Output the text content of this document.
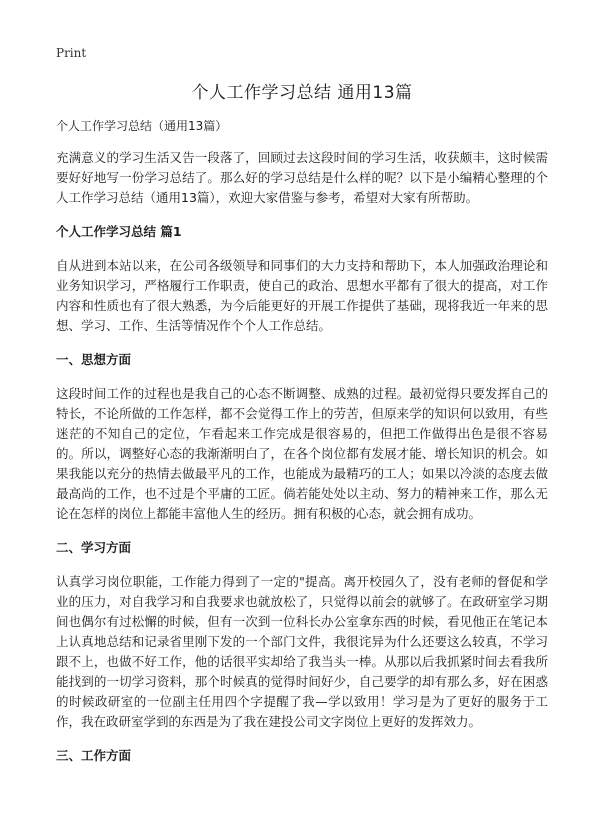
Print
个人工作学习总结 通用13篇
个人工作学习总结（通用13篇）

充满意义的学习生活又告一段落了，回顾过去这段时间的学习生活，收获颇丰，这时候需要好好地写一份学习总结了。那么好的学习总结是什么样的呢？以下是小编精心整理的个人工作学习总结（通用13篇），欢迎大家借鉴与参考，希望对大家有所帮助。

个人工作学习总结 篇1

自从进到本站以来，在公司各级领导和同事们的大力支持和帮助下，本人加强政治理论和业务知识学习，严格履行工作职责，使自己的政治、思想水平都有了很大的提高，对工作内容和性质也有了很大熟悉，为今后能更好的开展工作提供了基础，现将我近一年来的思想、学习、工作、生活等情况作个个人工作总结。

一、思想方面

这段时间工作的过程也是我自己的心态不断调整、成熟的过程。最初觉得只要发挥自己的特长，不论所做的工作怎样，都不会觉得工作上的劳苦，但原来学的知识何以致用，有些迷茫的不知自己的定位，乍看起来工作完成是很容易的，但把工作做得出色是很不容易的。所以，调整好心态的我渐渐明白了，在各个岗位都有发展才能、增长知识的机会。如果我能以充分的热情去做最平凡的工作，也能成为最精巧的工人；如果以冷淡的态度去做最高尚的工作，也不过是个平庸的工匠。倘若能处处以主动、努力的精神来工作，那么无论在怎样的岗位上都能丰富他人生的经历。拥有积极的心态，就会拥有成功。

二、学习方面

认真学习岗位职能，工作能力得到了一定的"提高。离开校园久了，没有老师的督促和学业的压力，对自我学习和自我要求也就放松了，只觉得以前会的就够了。在政研室学习期间也偶尔有过松懈的时候，但有一次到一位科长办公室拿东西的时候，看见他正在笔记本上认真地总结和记录省里刚下发的一个部门文件，我很诧异为什么还要这么较真，不学习跟不上，也做不好工作，他的话很平实却给了我当头一棒。从那以后我抓紧时间去看我所能找到的一切学习资料，那个时候真的觉得时间好少，自己要学的却有那么多，好在困惑的时候政研室的一位副主任用四个字提醒了我—学以致用！学习是为了更好的服务于工作，我在政研室学到的东西是为了我在建投公司文字岗位上更好的发挥效力。

三、工作方面
